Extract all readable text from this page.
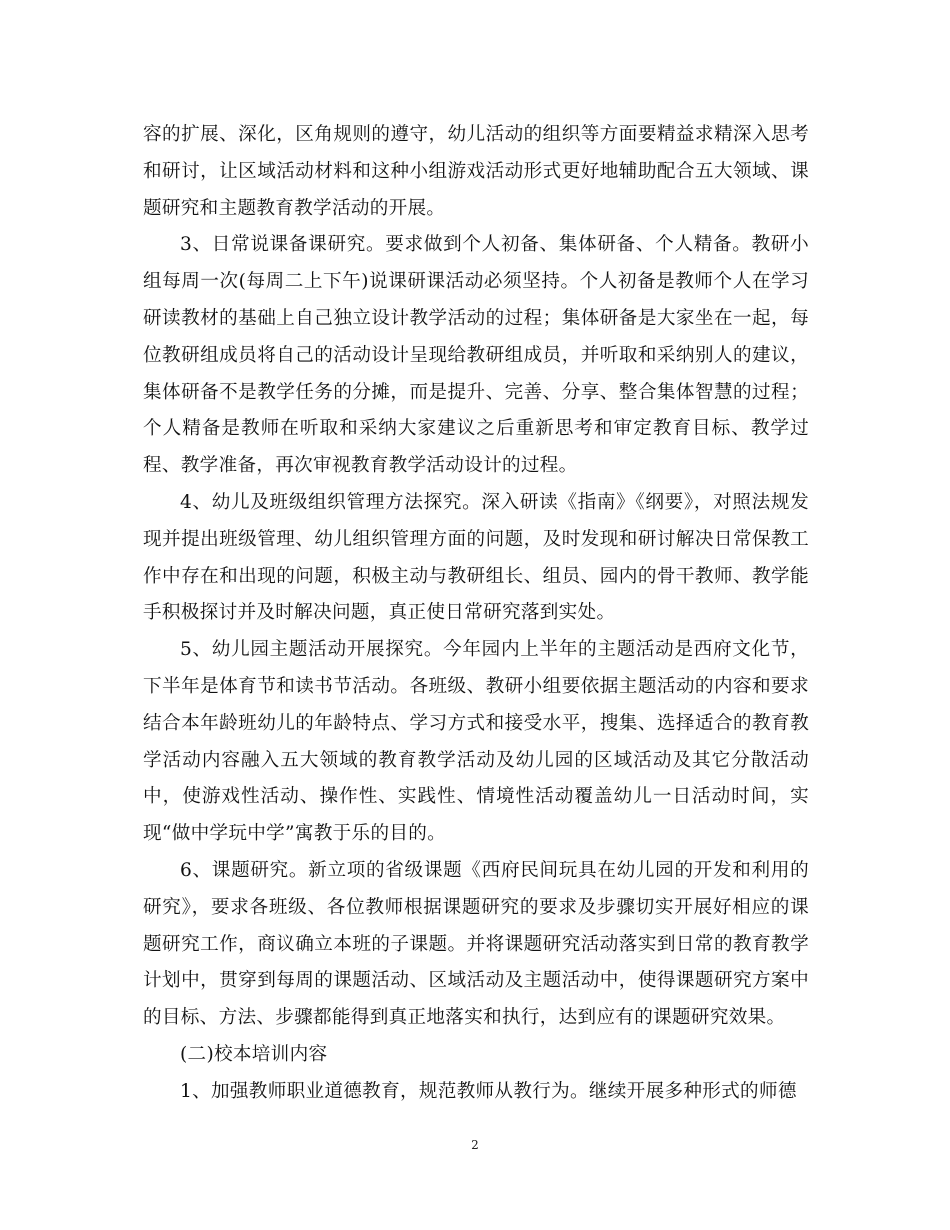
容的扩展、深化，区角规则的遵守，幼儿活动的组织等方面要精益求精深入思考和研讨，让区域活动材料和这种小组游戏活动形式更好地辅助配合五大领域、课题研究和主题教育教学活动的开展。

3、日常说课备课研究。要求做到个人初备、集体研备、个人精备。教研小组每周一次(每周二上下午)说课研课活动必须坚持。个人初备是教师个人在学习研读教材的基础上自己独立设计教学活动的过程；集体研备是大家坐在一起，每位教研组成员将自己的活动设计呈现给教研组成员，并听取和采纳别人的建议，集体研备不是教学任务的分摊，而是提升、完善、分享、整合集体智慧的过程；个人精备是教师在听取和采纳大家建议之后重新思考和审定教育目标、教学过程、教学准备，再次审视教育教学活动设计的过程。

4、幼儿及班级组织管理方法探究。深入研读《指南》《纲要》，对照法规发现并提出班级管理、幼儿组织管理方面的问题，及时发现和研讨解决日常保教工作中存在和出现的问题，积极主动与教研组长、组员、园内的骨干教师、教学能手积极探讨并及时解决问题，真正使日常研究落到实处。

5、幼儿园主题活动开展探究。今年园内上半年的主题活动是西府文化节，下半年是体育节和读书节活动。各班级、教研小组要依据主题活动的内容和要求结合本年龄班幼儿的年龄特点、学习方式和接受水平，搜集、选择适合的教育教学活动内容融入五大领域的教育教学活动及幼儿园的区域活动及其它分散活动中，使游戏性活动、操作性、实践性、情境性活动覆盖幼儿一日活动时间，实现“做中学玩中学”寓教于乐的目的。

6、课题研究。新立项的省级课题《西府民间玩具在幼儿园的开发和利用的研究》，要求各班级、各位教师根据课题研究的要求及步骤切实开展好相应的课题研究工作，商议确立本班的子课题。并将课题研究活动落实到日常的教育教学计划中，贯穿到每周的课题活动、区域活动及主题活动中，使得课题研究方案中的目标、方法、步骤都能得到真正地落实和执行，达到应有的课题研究效果。

(二)校本培训内容

1、加强教师职业道德教育，规范教师从教行为。继续开展多种形式的师德

2
